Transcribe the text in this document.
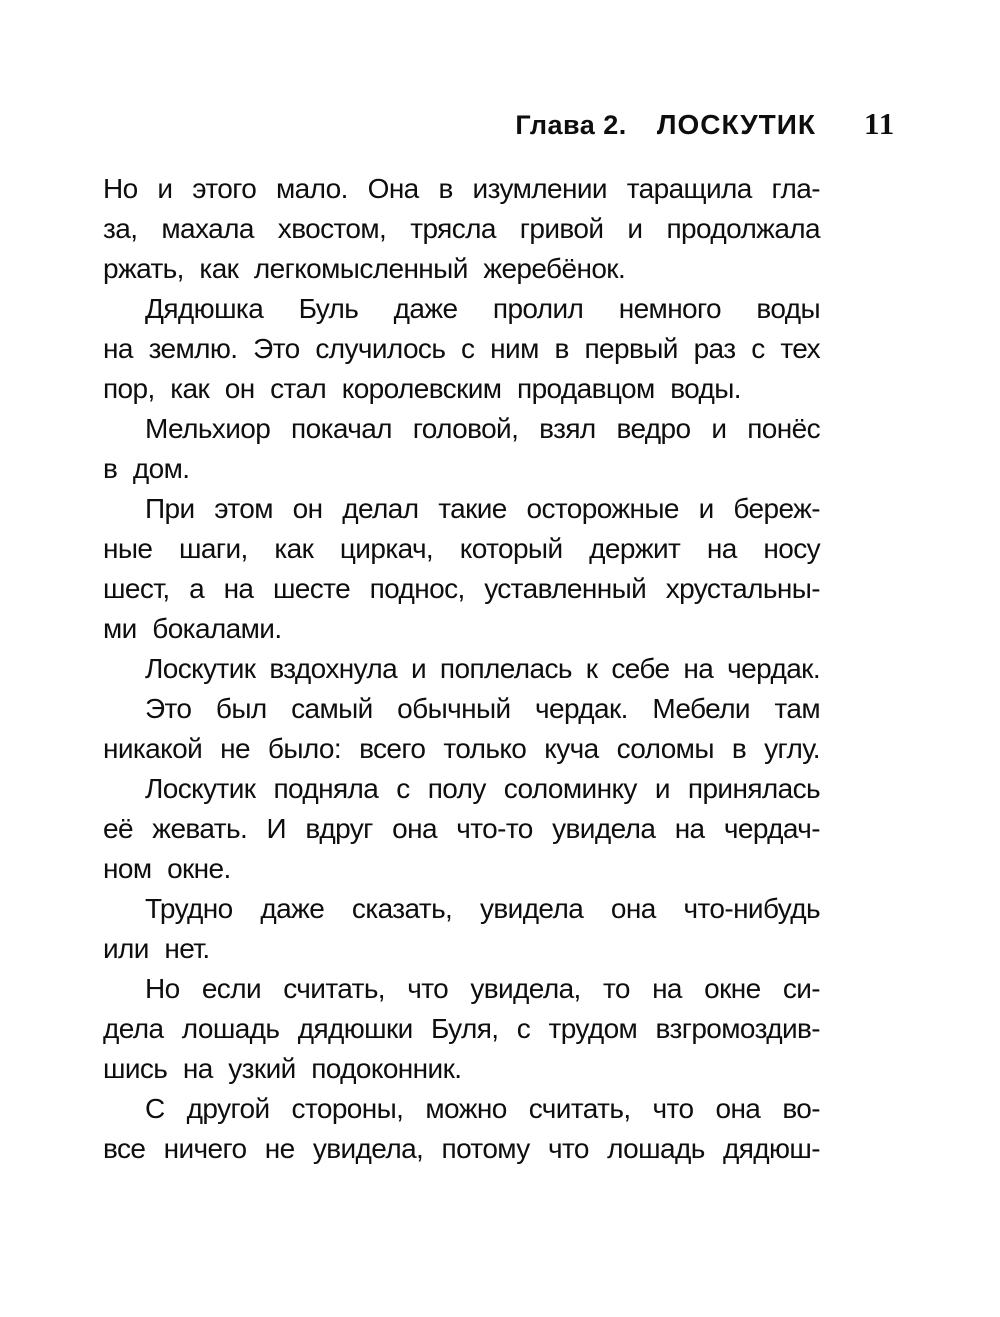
Глава 2. ЛОСКУТИК 11
Но и этого мало. Она в изумлении таращила гла-
за, махала хвостом, трясла гривой и продолжала
ржать, как легкомысленный жеребёнок.
Дядюшка Буль даже пролил немного воды
на землю. Это случилось с ним в первый раз с тех
пор, как он стал королевским продавцом воды.
Мельхиор покачал головой, взял ведро и понёс
в дом.
При этом он делал такие осторожные и береж-
ные шаги, как циркач, который держит на носу
шест, а на шесте поднос, уставленный хрустальны-
ми бокалами.
Лоскутик вздохнула и поплелась к себе на чердак.
Это был самый обычный чердак. Мебели там
никакой не было: всего только куча соломы в углу.
Лоскутик подняла с полу соломинку и принялась
её жевать. И вдруг она что-то увидела на чердач-
ном окне.
Трудно даже сказать, увидела она что-нибудь
или нет.
Но если считать, что увидела, то на окне си-
дела лошадь дядюшки Буля, с трудом взгромоздив-
шись на узкий подоконник.
С другой стороны, можно считать, что она во-
все ничего не увидела, потому что лошадь дядюш-
